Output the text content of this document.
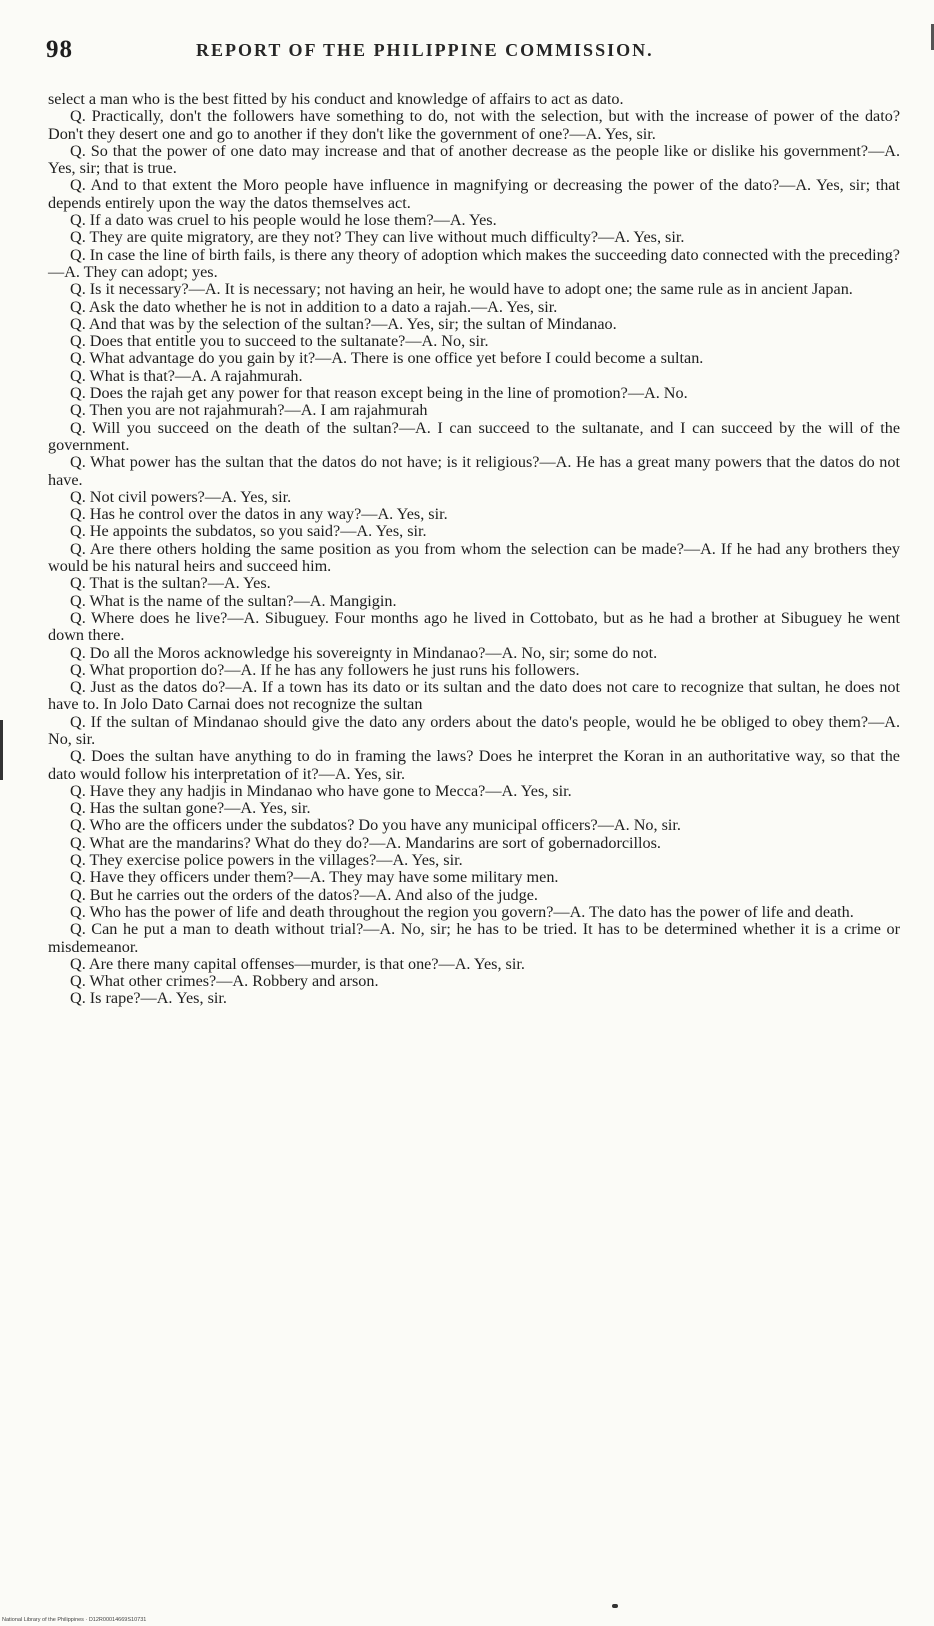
98	REPORT OF THE PHILIPPINE COMMISSION.

select a man who is the best fitted by his conduct and knowledge of affairs to act as dato.

Q. Practically, don't the followers have something to do, not with the selection, but with the increase of power of the dato? Don't they desert one and go to another if they don't like the government of one?—A. Yes, sir.

Q. So that the power of one dato may increase and that of another decrease as the people like or dislike his government?—A. Yes, sir; that is true.

Q. And to that extent the Moro people have influence in magnifying or decreasing the power of the dato?—A. Yes, sir; that depends entirely upon the way the datos themselves act.

Q. If a dato was cruel to his people would he lose them?—A. Yes.

Q. They are quite migratory, are they not? They can live without much difficulty?—A. Yes, sir.

Q. In case the line of birth fails, is there any theory of adoption which makes the succeeding dato connected with the preceding?—A. They can adopt; yes.

Q. Is it necessary?—A. It is necessary; not having an heir, he would have to adopt one; the same rule as in ancient Japan.

Q. Ask the dato whether he is not in addition to a dato a rajah.—A. Yes, sir.

Q. And that was by the selection of the sultan?—A. Yes, sir; the sultan of Mindanao.

Q. Does that entitle you to succeed to the sultanate?—A. No, sir.

Q. What advantage do you gain by it?—A. There is one office yet before I could become a sultan.

Q. What is that?—A. A rajahmurah.

Q. Does the rajah get any power for that reason except being in the line of promotion?—A. No.

Q. Then you are not rajahmurah?—A. I am rajahmurah

Q. Will you succeed on the death of the sultan?—A. I can succeed to the sultanate, and I can succeed by the will of the government.

Q. What power has the sultan that the datos do not have; is it religious?—A. He has a great many powers that the datos do not have.

Q. Not civil powers?—A. Yes, sir.

Q. Has he control over the datos in any way?—A. Yes, sir.

Q. He appoints the subdatos, so you said?—A. Yes, sir.

Q. Are there others holding the same position as you from whom the selection can be made?—A. If he had any brothers they would be his natural heirs and succeed him.

Q. That is the sultan?—A. Yes.

Q. What is the name of the sultan?—A. Mangigin.

Q. Where does he live?—A. Sibuguey. Four months ago he lived in Cottobato, but as he had a brother at Sibuguey he went down there.

Q. Do all the Moros acknowledge his sovereignty in Mindanao?—A. No, sir; some do not.

Q. What proportion do?—A. If he has any followers he just runs his followers.

Q. Just as the datos do?—A. If a town has its dato or its sultan and the dato does not care to recognize that sultan, he does not have to. In Jolo Dato Carnai does not recognize the sultan

Q. If the sultan of Mindanao should give the dato any orders about the dato's people, would he be obliged to obey them?—A. No, sir.

Q. Does the sultan have anything to do in framing the laws? Does he interpret the Koran in an authoritative way, so that the dato would follow his interpretation of it?—A. Yes, sir.

Q. Have they any hadjis in Mindanao who have gone to Mecca?—A. Yes, sir.

Q. Has the sultan gone?—A. Yes, sir.

Q. Who are the officers under the subdatos? Do you have any municipal officers?—A. No, sir.

Q. What are the mandarins? What do they do?—A. Mandarins are sort of gobernadorcillos.

Q. They exercise police powers in the villages?—A. Yes, sir.

Q. Have they officers under them?—A. They may have some military men.

Q. But he carries out the orders of the datos?—A. And also of the judge.

Q. Who has the power of life and death throughout the region you govern?—A. The dato has the power of life and death.

Q. Can he put a man to death without trial?—A. No, sir; he has to be tried. It has to be determined whether it is a crime or misdemeanor.

Q. Are there many capital offenses—murder, is that one?—A. Yes, sir.

Q. What other crimes?—A. Robbery and arson.

Q. Is rape?—A. Yes, sir.

National Library of the Philippines · D12R00014669S10731
